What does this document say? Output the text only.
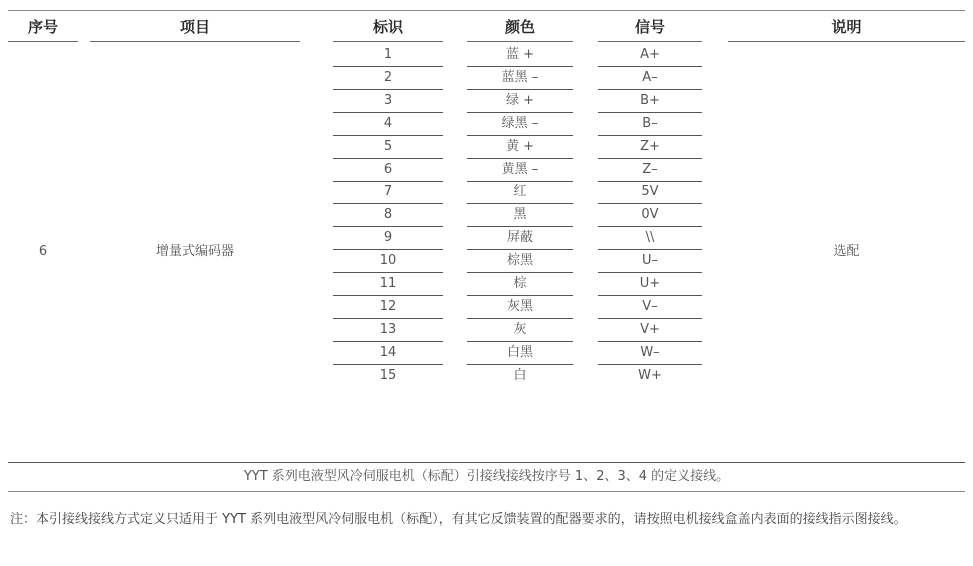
序号	项目	标识	颜色	信号	说明
6	增量式编码器	选配
1	蓝 +	A+
2	蓝黑 –	A–
3	绿 +	B+
4	绿黑 –	B–
5	黄 +	Z+
6	黄黑 –	Z–
7	红	5V
8	黑	0V
9	屏蔽	\\
10	棕黑	U–
11	棕	U+
12	灰黑	V–
13	灰	V+
14	白黑	W–
15	白	W+
YYT 系列电液型风冷伺服电机（标配）引接线接线按序号 1、2、3、4 的定义接线。
注：本引接线接线方式定义只适用于 YYT 系列电液型风冷伺服电机（标配），有其它反馈装置的配器要求的，请按照电机接线盒盖内表面的接线指示图接线。
